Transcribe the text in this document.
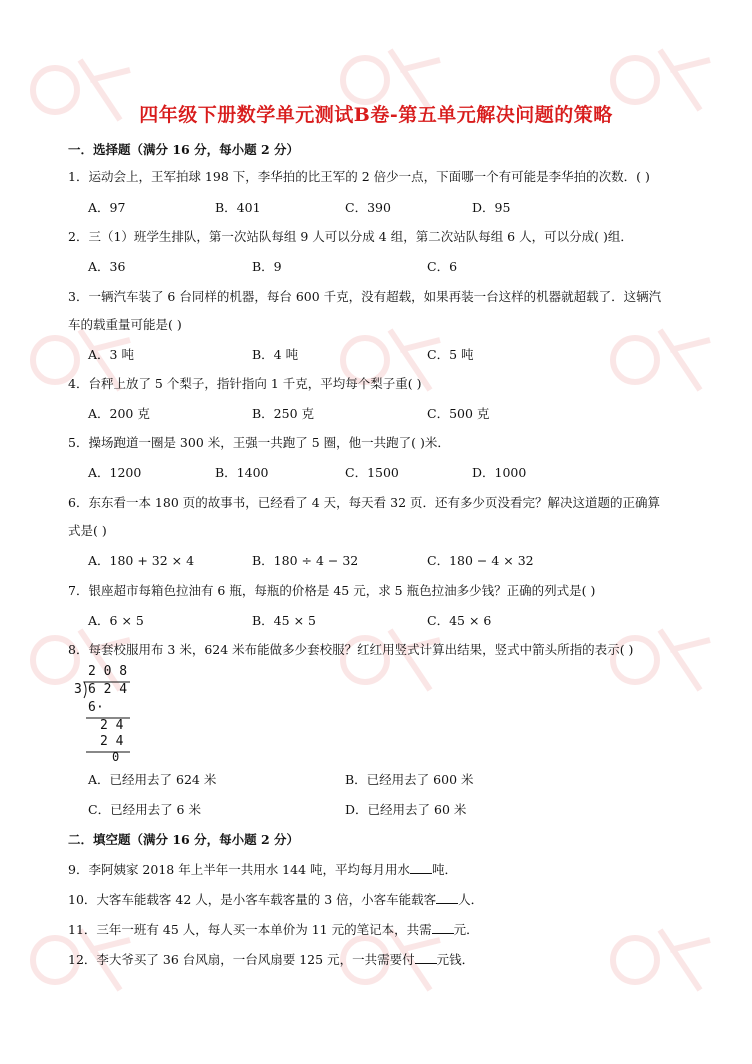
四年级下册数学单元测试B卷-第五单元解决问题的策略
一．选择题（满分 16 分，每小题 2 分）
1．运动会上，王军拍球 198 下，李华拍的比王军的 2 倍少一点，下面哪一个有可能是李华拍的次数．( )
A．97	B．401	C．390	D．95
2．三（1）班学生排队，第一次站队每组 9 人可以分成 4 组，第二次站队每组 6 人，可以分成( )组．
A．36	B．9	C．6
3．一辆汽车装了 6 台同样的机器，每台 600 千克，没有超载，如果再装一台这样的机器就超载了．这辆汽
车的载重量可能是( )
A．3 吨	B．4 吨	C．5 吨
4．台秤上放了 5 个梨子，指针指向 1 千克，平均每个梨子重( )
A．200 克	B．250 克	C．500 克
5．操场跑道一圈是 300 米，王强一共跑了 5 圈，他一共跑了( )米．
A．1200	B．1400	C．1500	D．1000
6．东东看一本 180 页的故事书，已经看了 4 天，每天看 32 页．还有多少页没看完？解决这道题的正确算
式是( )
A．180 + 32 × 4	B．180 ÷ 4 − 32	C．180 − 4 × 32
7．银座超市每箱色拉油有 6 瓶，每瓶的价格是 45 元，求 5 瓶色拉油多少钱？正确的列式是( )
A．6 × 5	B．45 × 5	C．45 × 6
8．每套校服用布 3 米，624 米布能做多少套校服？红红用竖式计算出结果，竖式中箭头所指的表示( )
2 0 8
3 6 2 4
6 ·
2 4
2 4
0
A．已经用去了 624 米	B．已经用去了 600 米
C．已经用去了 6 米	D．已经用去了 60 米
二．填空题（满分 16 分，每小题 2 分）
9．李阿姨家 2018 年上半年一共用水 144 吨，平均每月用水 吨．
10．大客车能载客 42 人，是小客车载客量的 3 倍，小客车能载客 人．
11．三年一班有 45 人，每人买一本单价为 11 元的笔记本，共需 元．
12．李大爷买了 36 台风扇，一台风扇要 125 元，一共需要付 元钱．
